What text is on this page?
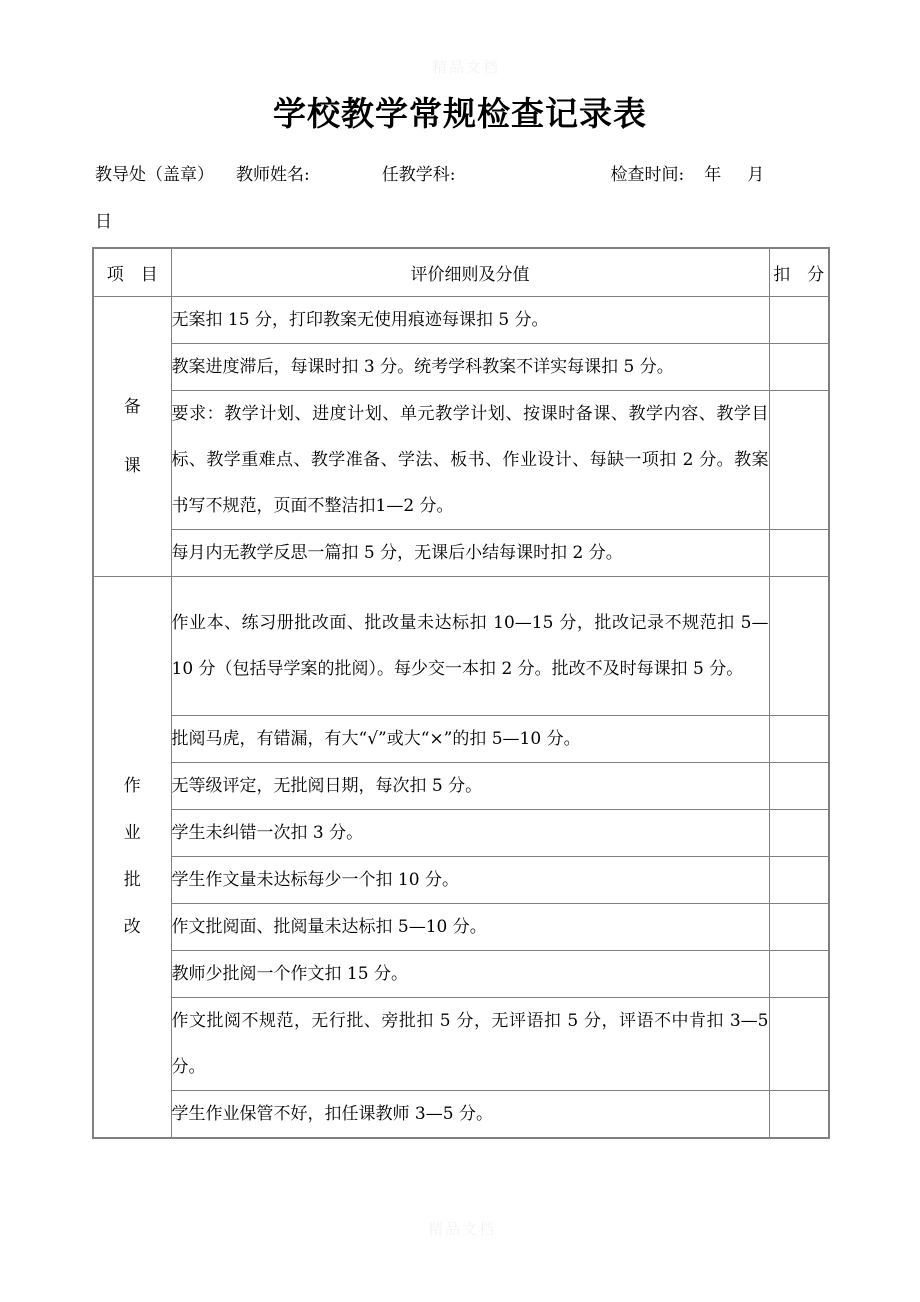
精品文档
学校教学常规检查记录表
教导处（盖章） 教师姓名:	任教学科:	检查时间: 年 月
日
项　目	评价细则及分值	扣　分

备
课	无案扣 15 分，打印教案无使用痕迹每课扣 5 分。	
	教案进度滞后，每课时扣 3 分。统考学科教案不详实每课扣 5 分。	
	要求：教学计划、进度计划、单元教学计划、按课时备课、教学内容、教学目标、教学重难点、教学准备、学法、板书、作业设计、每缺一项扣 2 分。教案书写不规范，页面不整洁扣1—2 分。	
	每月内无教学反思一篇扣 5 分，无课后小结每课时扣 2 分。	

作
业
批
改	作业本、练习册批改面、批改量未达标扣 10—15 分，批改记录不规范扣 5—10 分（包括导学案的批阅）。每少交一本扣 2 分。批改不及时每课扣 5 分。	
	批阅马虎，有错漏，有大“√”或大“×”的扣 5—10 分。	
	无等级评定，无批阅日期，每次扣 5 分。	
	学生未纠错一次扣 3 分。	
	学生作文量未达标每少一个扣 10 分。	
	作文批阅面、批阅量未达标扣 5—10 分。	
	教师少批阅一个作文扣 15 分。	
	作文批阅不规范，无行批、旁批扣 5 分，无评语扣 5 分，评语不中肯扣 3—5 分。	
	学生作业保管不好，扣任课教师 3—5 分。	
精品文档
